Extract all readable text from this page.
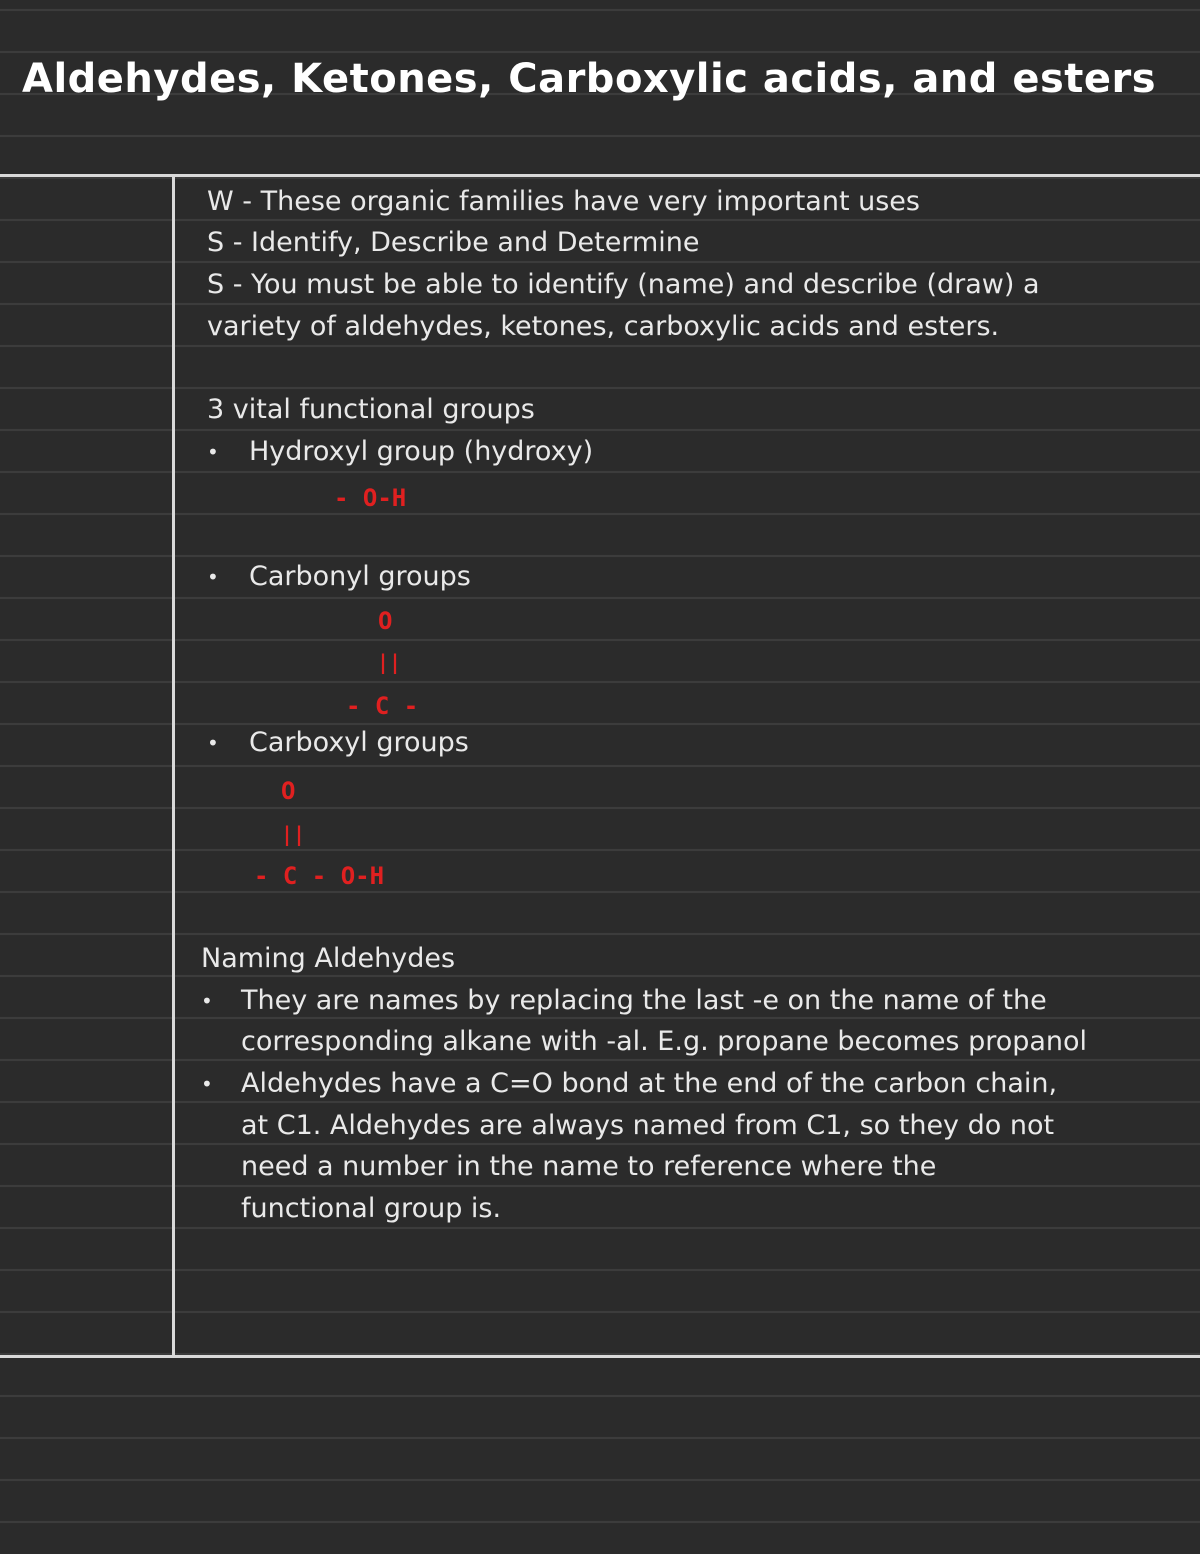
Aldehydes, Ketones, Carboxylic acids, and esters
W - These organic families have very important uses
S - Identify, Describe and Determine
S - You must be able to identify (name) and describe (draw) a
variety of aldehydes, ketones, carboxylic acids and esters.
3 vital functional groups
• Hydroxyl group (hydroxy)
- O-H
• Carbonyl groups
O
||
- C -
• Carboxyl groups
O
||
- C - O-H
Naming Aldehydes
• They are names by replacing the last -e on the name of the
corresponding alkane with -al. E.g. propane becomes propanol
• Aldehydes have a C=O bond at the end of the carbon chain,
at C1. Aldehydes are always named from C1, so they do not
need a number in the name to reference where the
functional group is.
